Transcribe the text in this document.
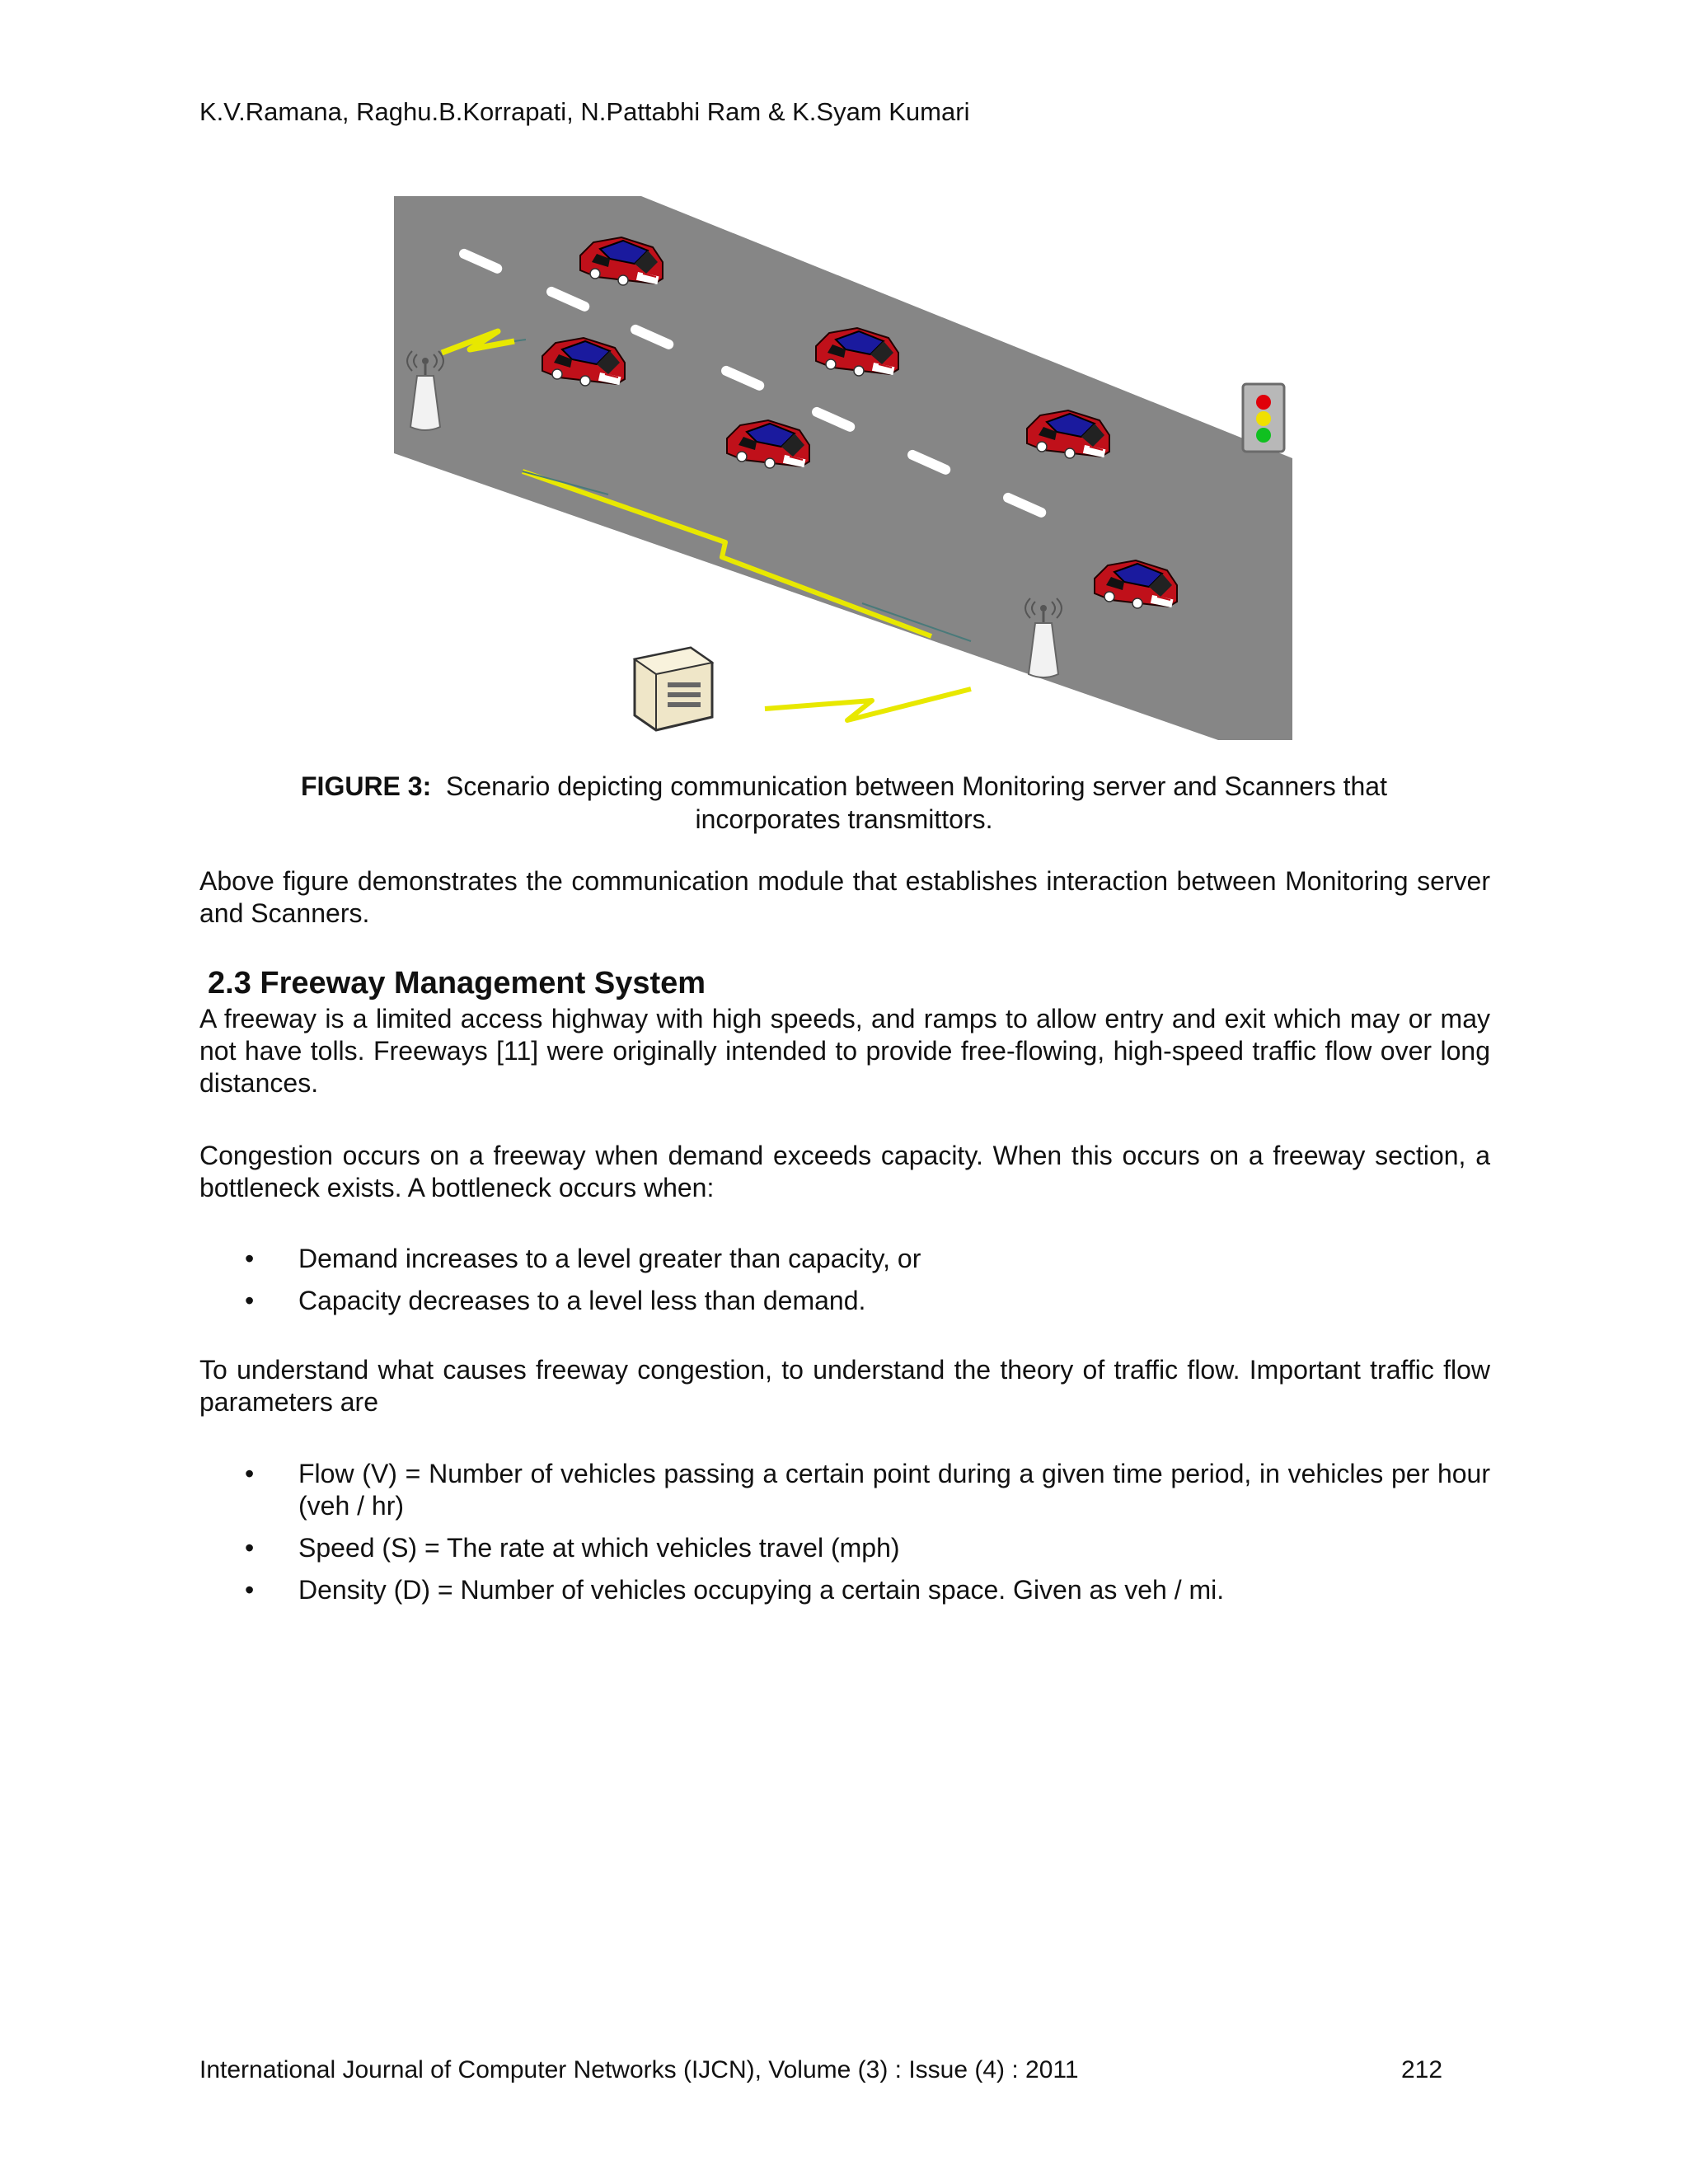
K.V.Ramana, Raghu.B.Korrapati, N.Pattabhi Ram & K.Syam Kumari
FIGURE 3: Scenario depicting communication between Monitoring server and Scanners that incorporates transmittors.

Above figure demonstrates the communication module that establishes interaction between Monitoring server and Scanners.

2.3 Freeway Management System

A freeway is a limited access highway with high speeds, and ramps to allow entry and exit which may or may not have tolls. Freeways [11] were originally intended to provide free-flowing, high-speed traffic flow over long distances.

Congestion occurs on a freeway when demand exceeds capacity. When this occurs on a freeway section, a bottleneck exists. A bottleneck occurs when:

• Demand increases to a level greater than capacity, or
• Capacity decreases to a level less than demand.

To understand what causes freeway congestion, to understand the theory of traffic flow. Important traffic flow parameters are

• Flow (V) = Number of vehicles passing a certain point during a given time period, in vehicles per hour (veh / hr)
• Speed (S) = The rate at which vehicles travel (mph)
• Density (D) = Number of vehicles occupying a certain space. Given as veh / mi.
International Journal of Computer Networks (IJCN), Volume (3) : Issue (4) : 2011	212
